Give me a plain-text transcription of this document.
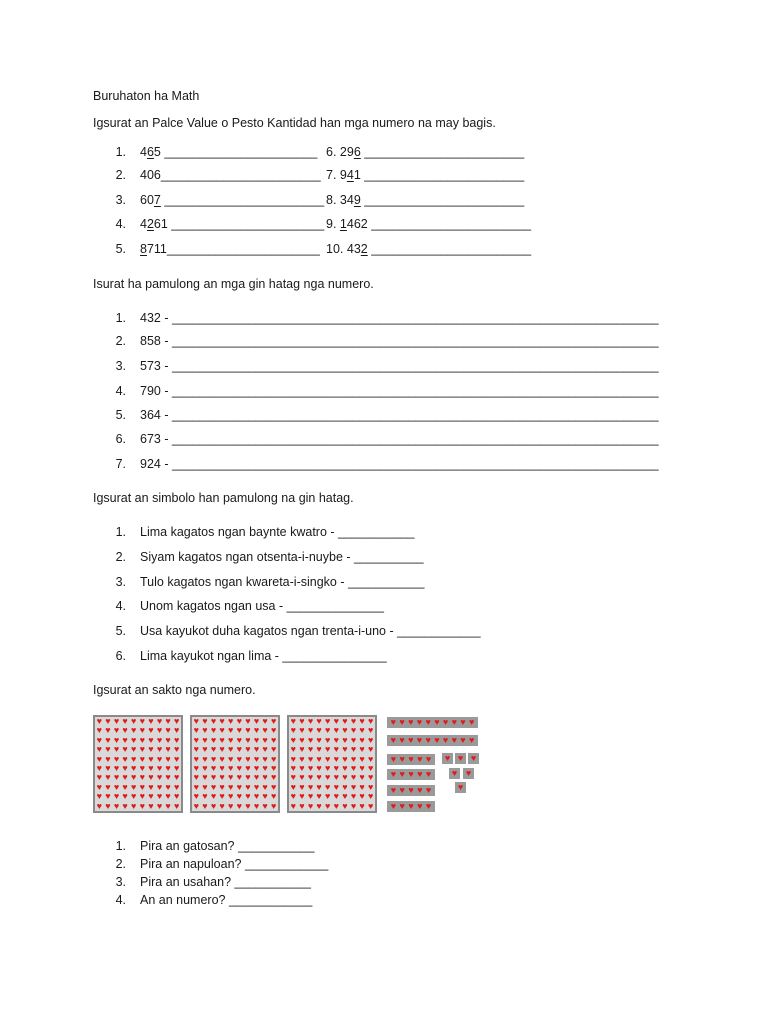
Buruhaton ha Math
Igsurat an Palce Value o Pesto Kantidad han mga numero na may bagis.
1. 465 ______________________
2. 406_______________________
3. 607 _______________________
4. 4261 ______________________
5. 8711______________________
6. 296 _______________________
7. 941 _______________________
8. 349 _______________________
9. 1462 _______________________
10. 432 _______________________
Isurat ha pamulong an mga gin hatag nga numero.
1. 432 - ______________________________________________________________________
2. 858 - ______________________________________________________________________
3. 573 - ______________________________________________________________________
4. 790 - ______________________________________________________________________
5. 364 - ______________________________________________________________________
6. 673 - ______________________________________________________________________
7. 924 - ______________________________________________________________________
Igsurat an simbolo han pamulong na gin hatag.
1. Lima kagatos ngan baynte kwatro - ___________
2. Siyam kagatos ngan otsenta-i-nuybe - __________
3. Tulo kagatos ngan kwareta-i-singko - ___________
4. Unom kagatos ngan usa - ______________
5. Usa kayukot duha kagatos ngan trenta-i-uno - ____________
6. Lima kayukot ngan lima - _______________
Igsurat an sakto nga numero.
♥ ♥ ♥ ♥ ♥ ♥ ♥ ♥ ♥ ♥
♥ ♥ ♥ ♥ ♥ ♥ ♥ ♥ ♥ ♥
♥ ♥ ♥ ♥ ♥ ♥ ♥ ♥ ♥ ♥
♥ ♥ ♥ ♥ ♥ ♥ ♥ ♥ ♥ ♥
♥ ♥ ♥ ♥ ♥ ♥ ♥ ♥ ♥ ♥
♥ ♥ ♥ ♥ ♥ ♥ ♥ ♥ ♥ ♥
♥ ♥ ♥ ♥ ♥ ♥ ♥ ♥ ♥ ♥
♥ ♥ ♥ ♥ ♥ ♥ ♥ ♥ ♥ ♥
♥ ♥ ♥ ♥ ♥ ♥ ♥ ♥ ♥ ♥
♥ ♥ ♥ ♥ ♥ ♥ ♥ ♥ ♥ ♥
♥ ♥ ♥ ♥ ♥ ♥ ♥ ♥ ♥ ♥
♥ ♥ ♥ ♥ ♥ ♥ ♥ ♥ ♥ ♥
♥ ♥ ♥ ♥ ♥ ♥ ♥ ♥ ♥ ♥
♥ ♥ ♥ ♥ ♥ ♥ ♥ ♥ ♥ ♥
♥ ♥ ♥ ♥ ♥ ♥ ♥ ♥ ♥ ♥
♥ ♥ ♥ ♥ ♥ ♥ ♥ ♥ ♥ ♥
♥ ♥ ♥ ♥ ♥ ♥ ♥ ♥ ♥ ♥
♥ ♥ ♥ ♥ ♥ ♥ ♥ ♥ ♥ ♥
♥ ♥ ♥ ♥ ♥ ♥ ♥ ♥ ♥ ♥
♥ ♥ ♥ ♥ ♥ ♥ ♥ ♥ ♥ ♥
♥ ♥ ♥ ♥ ♥ ♥ ♥ ♥ ♥ ♥
♥ ♥ ♥ ♥ ♥ ♥ ♥ ♥ ♥ ♥
♥ ♥ ♥ ♥ ♥ ♥ ♥ ♥ ♥ ♥
♥ ♥ ♥ ♥ ♥ ♥ ♥ ♥ ♥ ♥
♥ ♥ ♥ ♥ ♥ ♥ ♥ ♥ ♥ ♥
♥ ♥ ♥ ♥ ♥ ♥ ♥ ♥ ♥ ♥
♥ ♥ ♥ ♥ ♥ ♥ ♥ ♥ ♥ ♥
♥ ♥ ♥ ♥ ♥ ♥ ♥ ♥ ♥ ♥
♥ ♥ ♥ ♥ ♥ ♥ ♥ ♥ ♥ ♥
♥ ♥ ♥ ♥ ♥ ♥ ♥ ♥ ♥ ♥
♥ ♥ ♥ ♥ ♥ ♥ ♥ ♥ ♥ ♥
♥ ♥ ♥ ♥ ♥ ♥ ♥ ♥ ♥ ♥
♥ ♥ ♥ ♥ ♥
♥ ♥ ♥ ♥ ♥
♥ ♥ ♥ ♥ ♥
♥ ♥ ♥ ♥ ♥
♥ ♥ ♥
♥ ♥
♥
1. Pira an gatosan? ___________
2. Pira an napuloan? ____________
3. Pira an usahan? ___________
4. An an numero? ____________
